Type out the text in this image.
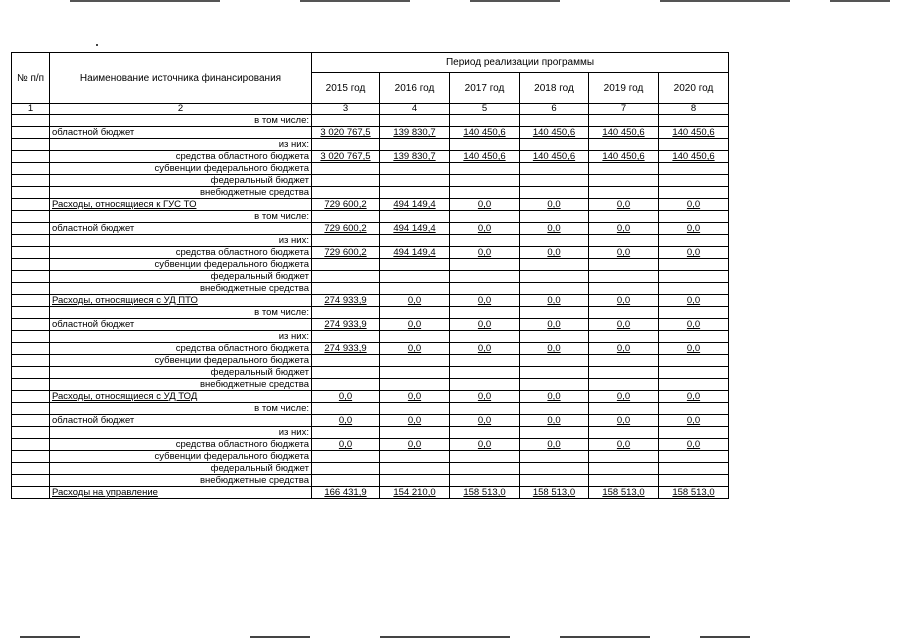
№ п/п	Наименование источника финансирования	Период реализации программы					
		2015 год	2016 год	2017 год	2018 год	2019 год	2020 год
1	2	3	4	5	6	7	8
	в том числе:						
	областной бюджет	3 020 767,5	139 830,7	140 450,6	140 450,6	140 450,6	140 450,6
	из них:						
	средства областного бюджета	3 020 767,5	139 830,7	140 450,6	140 450,6	140 450,6	140 450,6
	субвенции федерального бюджета						
	федеральный бюджет						
	внебюджетные средства						
	Расходы, относящиеся к ГУС ТО	729 600,2	494 149,4	0,0	0,0	0,0	0,0
	в том числе:						
	областной бюджет	729 600,2	494 149,4	0,0	0,0	0,0	0,0
	из них:						
	средства областного бюджета	729 600,2	494 149,4	0,0	0,0	0,0	0,0
	субвенции федерального бюджета						
	федеральный бюджет						
	внебюджетные средства						
	Расходы, относящиеся с УД ПТО	274 933,9	0,0	0,0	0,0	0,0	0,0
	в том числе:						
	областной бюджет	274 933,9	0,0	0,0	0,0	0,0	0,0
	из них:						
	средства областного бюджета	274 933,9	0,0	0,0	0,0	0,0	0,0
	субвенции федерального бюджета						
	федеральный бюджет						
	внебюджетные средства						
	Расходы, относящиеся с УД ТОД	0,0	0,0	0,0	0,0	0,0	0,0
	в том числе:						
	областной бюджет	0,0	0,0	0,0	0,0	0,0	0,0
	из них:						
	средства областного бюджета	0,0	0,0	0,0	0,0	0,0	0,0
	субвенции федерального бюджета						
	федеральный бюджет						
	внебюджетные средства						
	Расходы на управление	166 431,9	154 210,0	158 513,0	158 513,0	158 513,0	158 513,0
